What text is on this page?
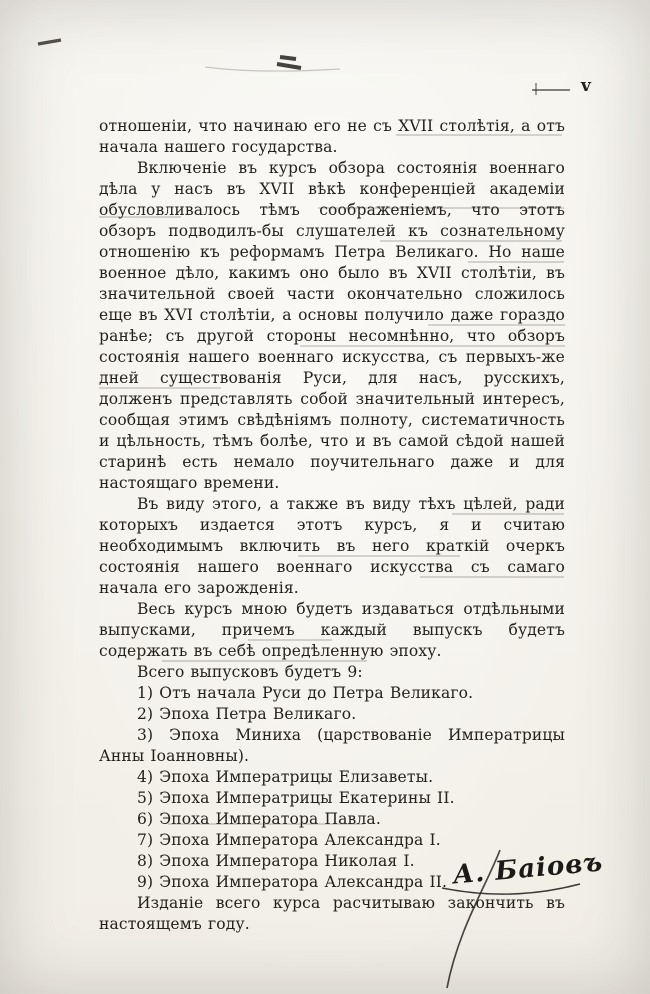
v

отношеніи, что начинаю его не съ XVII столѣтія, а отъ начала нашего государства.

Включеніе въ курсъ обзора состоянія военнаго дѣла у насъ въ XVII вѣкѣ конференціей академіи обусловливалось тѣмъ соображеніемъ, что этотъ обзоръ подводилъ-бы слушателей къ сознательному отношенію къ реформамъ Петра Великаго. Но наше военное дѣло, какимъ оно было въ XVII столѣтіи, въ значительной своей части окончательно сложилось еще въ XVI столѣтіи, а основы получило даже гораздо ранѣе; съ другой стороны несомнѣнно, что обзоръ состоянія нашего военнаго искусства, съ первыхъ-же дней существованія Руси, для насъ, русскихъ, долженъ представлять собой значительный интересъ, сообщая этимъ свѣдѣніямъ полноту, систематичность и цѣльность, тѣмъ болѣе, что и въ самой сѣдой нашей старинѣ есть немало поучительнаго даже и для настоящаго времени.

Въ виду этого, а также въ виду тѣхъ цѣлей, ради которыхъ издается этотъ курсъ, я и считаю необходимымъ включить въ него краткій очеркъ состоянія нашего военнаго искусства съ самаго начала его зарожденія.

Весь курсъ мною будетъ издаваться отдѣльными выпусками, причемъ каждый выпускъ будетъ содержать въ себѣ опредѣленную эпоху.

Всего выпусковъ будетъ 9:

1) Отъ начала Руси до Петра Великаго.

2) Эпоха Петра Великаго.

3) Эпоха Миниха (царствованіе Императрицы Анны Іоанновны).

4) Эпоха Императрицы Елизаветы.

5) Эпоха Императрицы Екатерины II.

6) Эпоха Императора Павла.

7) Эпоха Императора Александра I.

8) Эпоха Императора Николая I.

9) Эпоха Императора Александра II.

Изданіе всего курса расчитываю закончить въ настоящемъ году.

А. Баіовъ
